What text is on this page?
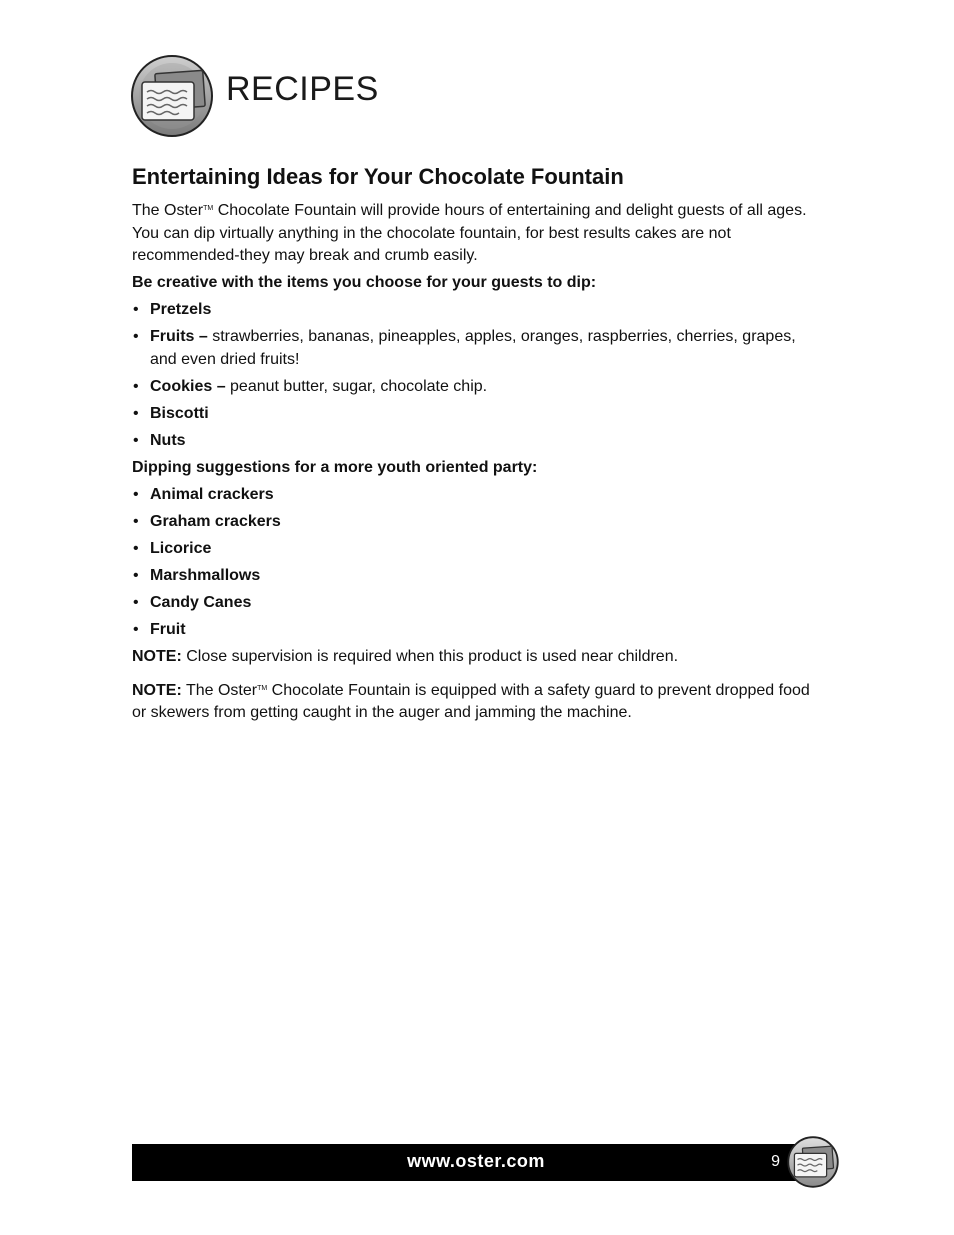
RECIPES
Entertaining Ideas for Your Chocolate Fountain

The Oster™ Chocolate Fountain will provide hours of entertaining and delight guests of all ages. You can dip virtually anything in the chocolate fountain, for best results cakes are not recommended-they may break and crumb easily.

Be creative with the items you choose for your guests to dip:

• Pretzels
• Fruits – strawberries, bananas, pineapples, apples, oranges, raspberries, cherries, grapes, and even dried fruits!
• Cookies – peanut butter, sugar, chocolate chip.
• Biscotti
• Nuts

Dipping suggestions for a more youth oriented party:

• Animal crackers
• Graham crackers
• Licorice
• Marshmallows
• Candy Canes
• Fruit

NOTE: Close supervision is required when this product is used near children.

NOTE: The Oster™ Chocolate Fountain is equipped with a safety guard to prevent dropped food or skewers from getting caught in the auger and jamming the machine.

www.oster.com	9
